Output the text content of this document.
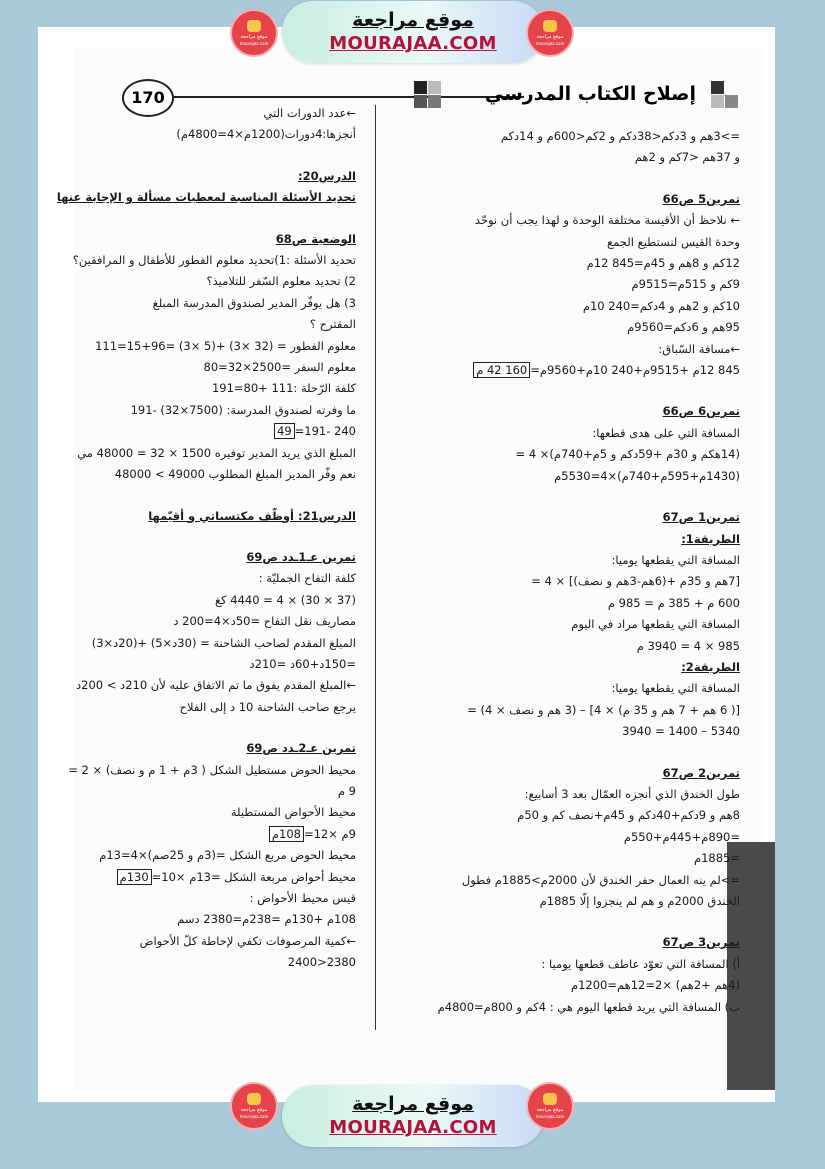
موقع مراجعة
mourajaa.com
موقع مراجعة
MOURAJAA.COM	موقع مراجعة
mourajaa.com
170	إصلاح الكتاب المدرسي

=>3هم و 3دكم<38دكم و 2كم<600م و 14دكم

و 37هم <7كم و 2هم

تمرين5 ص66

← نلاحظ أن الأقيسة مختلفة الوحدة و لهذا يجب أن نوحّد

وحدة القيس لنستطيع الجمع

12كم و 8هم و 45م=845 12م

9كم و 515م=9515م

10كم و 2هم و 4دكم=240 10م

95هم و 6دكم=9560م

←مسافة السّباق:

845 12م +9515م+240 10م+9560م=160 42 م

تمرين6 ص66

المسافة التي على هدى قطعها:

(14هكم و 30م +59دكم و 5م+740م)× 4 =

(1430م+595م+740م)×4=5530م

تمرين1 ص67

الطريقة1:

المسافة التي يقطعها يوميا:

[7هم و 35م +(6هم-3هم و نصف)] × 4 =

600 م + 385 م = 985 م

المسافة التي يقطعها مراد في اليوم

985 × 4 = 3940 م

الطريقة2:

المسافة التي يقطعها يوميا:

[( 6 هم + 7 هم و 35 م) × 4] – (3 هم و نصف × 4) =

5340 – 1400 = 3940

تمرين2 ص67

طول الخندق الذي أنجزه العمّال بعد 3 أسابيع:

8هم و 9دكم+40دكم و 45م+نصف كم و 50م

=890م+445م+550م

=1885م

=>لم ينه العمال حفر الخندق لأن 2000م>1885م فطول

الخندق 2000م و هم لم ينجزوا إلّا 1885م

تمرين3 ص67

أ) المسافة التي تعوّد عاطف قطعها يوميا :

(4هم +2هم) ×2=12هم=1200م

ب) المسافة التي يريد قطعها اليوم هي : 4كم و 800م=4800م

←عدد الدورات التي

أنجزها:4دورات(1200م×4=4800م)

الدرس20:

تحديد الأسئلة المناسبة لمعطيات مسألة و الإجابة عنها

الوضعية ص68

تحديد الأسئلة :1)تحديد معلوم الفطور للأطفال و المرافقين؟

2) تحديد معلوم السّفر للتلاميذ؟

3) هل يوفّر المدير لصندوق المدرسة المبلغ

المقترح ؟

معلوم الفطور = (32 ×3) +(5 ×3) =96+15=111

معلوم السفر =2500×32=80

كلفة الرّحلة :111 +80=191

ما وفرته لصندوق المدرسة: (7500×32) -191

240 -191=49

المبلغ الذي يريد المدير توفيره 1500 × 32 = 48000 مي

نعم وفّر المدير المبلغ المطلوب 49000 > 48000

الدرس21: أوظّف مكتسباتي و أقيّمها

تمرين عـ1ـدد ص69

كلفة التفاح الجمليّة :

(37 × 30) × 4 = 4440 كغ

مصاريف نقل التفاح =50د×4=200 د

المبلغ المقدم لصاحب الشاحنة = (30د×5) +(20د×3)

=150د+60د =210د

←المبلغ المقدم يفوق ما تم الاتفاق عليه لأن 210د > 200د

يرجع صاحب الشاحنة 10 د إلى الفلاح

تمرين عـ2ـدد ص69

محيط الحوض مستطيل الشكل ( 3م + 1 م و نصف) × 2 =

9 م

محيط الأحواض المستطيلة

9م ×12=108م

محيط الحوض مربع الشكل =(3م و 25صم)×4=13م

محيط أحواض مربعة الشكل =13م ×10=130م

قيس محيط الأحواض :

108م +130م =238م=2380 دسم

←كمية المرصوفات تكفي لإحاطة كلّ الأحواض

2380<2400

موقع مراجعة
mourajaa.com
موقع مراجعة
MOURAJAA.COM
موقع مراجعة
mourajaa.com
